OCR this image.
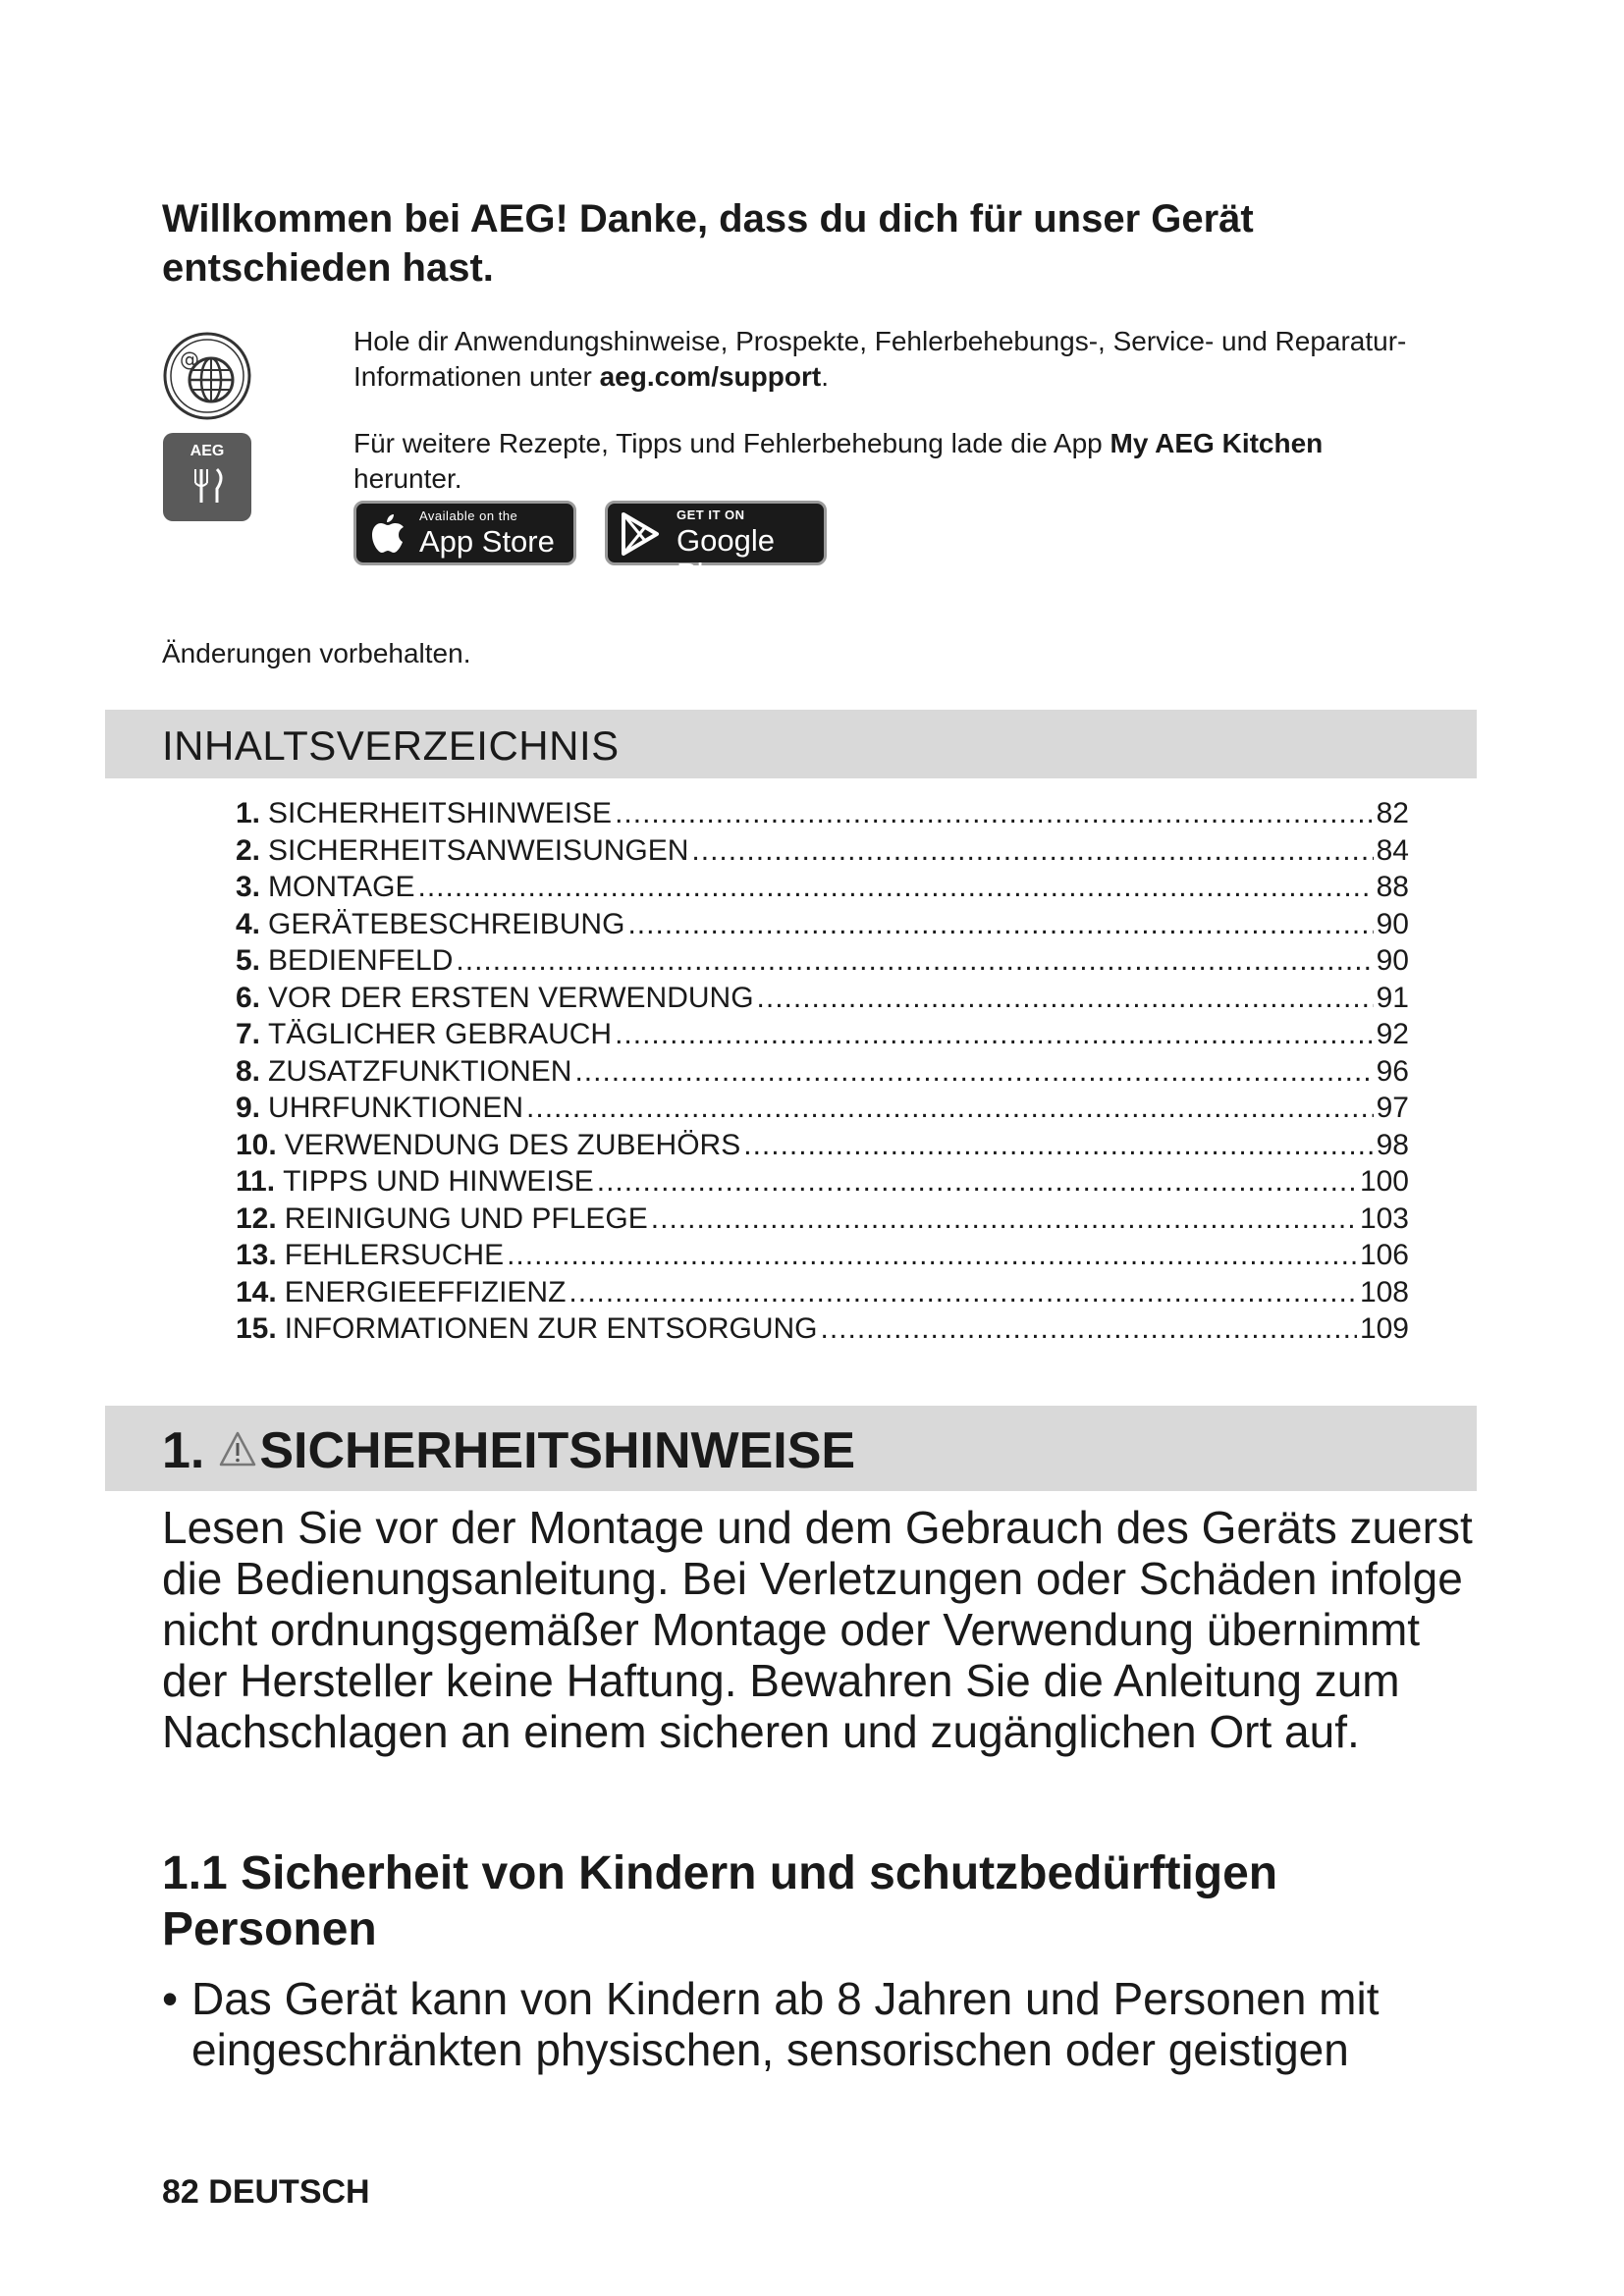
Willkommen bei AEG! Danke, dass du dich für unser Gerät entschieden hast.
@
AEG
Hole dir Anwendungshinweise, Prospekte, Fehlerbehebungs-, Service- und Reparatur-Informationen unter aeg.com/support.
Für weitere Rezepte, Tipps und Fehlerbehebung lade die App My AEG Kitchen herunter.
Available on the
App Store
GET IT ON
Google Play
Änderungen vorbehalten.
INHALTSVERZEICHNIS
1. SICHERHEITSHINWEISE .....	82
2. SICHERHEITSANWEISUNGEN .....	84
3. MONTAGE .....	88
4. GERÄTEBESCHREIBUNG .....	90
5. BEDIENFELD .....	90
6. VOR DER ERSTEN VERWENDUNG .....	91
7. TÄGLICHER GEBRAUCH .....	92
8. ZUSATZFUNKTIONEN .....	96
9. UHRFUNKTIONEN .....	97
10. VERWENDUNG DES ZUBEHÖRS .....	98
11. TIPPS UND HINWEISE .....	100
12. REINIGUNG UND PFLEGE .....	103
13. FEHLERSUCHE .....	106
14. ENERGIEEFFIZIENZ .....	108
15. INFORMATIONEN ZUR ENTSORGUNG .....	109
1. SICHERHEITSHINWEISE
Lesen Sie vor der Montage und dem Gebrauch des Geräts zuerst die Bedienungsanleitung. Bei Verletzungen oder Schäden infolge nicht ordnungsgemäßer Montage oder Verwendung übernimmt der Hersteller keine Haftung. Bewahren Sie die Anleitung zum Nachschlagen an einem sicheren und zugänglichen Ort auf.
1.1 Sicherheit von Kindern und schutzbedürftigen Personen
• Das Gerät kann von Kindern ab 8 Jahren und Personen mit eingeschränkten physischen, sensorischen oder geistigen
82 DEUTSCH
